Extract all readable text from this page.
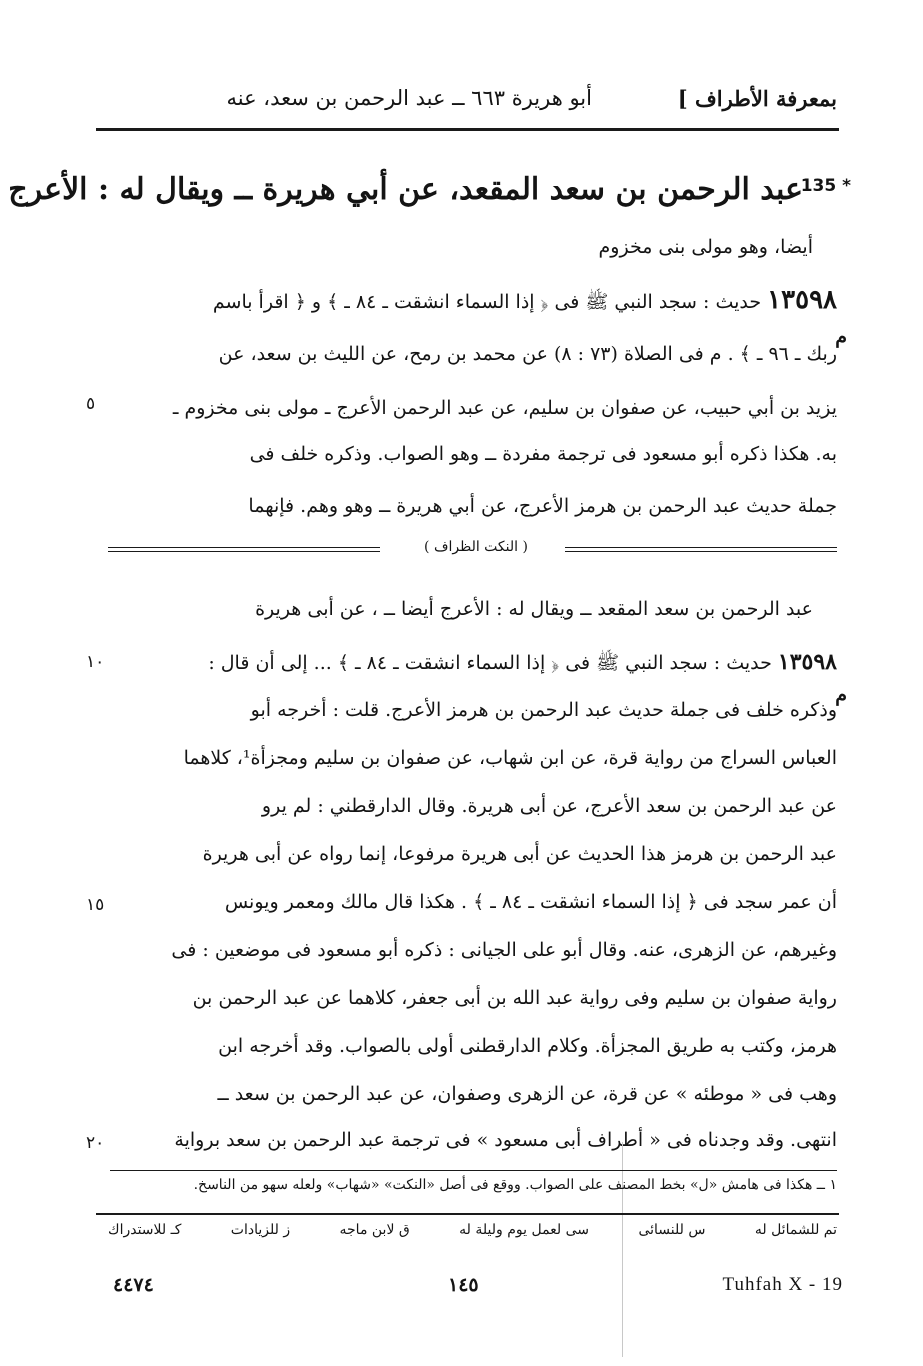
بمعرفة الأطراف ]
أبو هريرة ٦٦٣ ــ عبد الرحمن بن سعد، عنه
135 *
عبد الرحمن بن سعد المقعد، عن أبي هريرة ــ ويقال له : الأعرج
أيضا، وهو مولى بنى مخزوم
١٣٥٩٨ حديث : سجد النبي ﷺ فى ﴿ إذا السماء انشقت ـ ٨٤ ـ ﴾ و ﴿ اقرأ باسم
م
ربك ـ ٩٦ ـ ﴾ . م فى الصلاة (٧٣ : ٨) عن محمد بن رمح، عن الليث بن سعد، عن
يزيد بن أبي حبيب، عن صفوان بن سليم، عن عبد الرحمن الأعرج ـ مولى بنى مخزوم ـ
٥
به. هكذا ذكره أبو مسعود فى ترجمة مفردة ــ وهو الصواب. وذكره خلف فى
جملة حديث عبد الرحمن بن هرمز الأعرج، عن أبي هريرة ــ وهو وهم. فإنهما
( النكت الظراف )
عبد الرحمن بن سعد المقعد ــ ويقال له : الأعرج أيضا ــ ، عن أبى هريرة
١٣٥٩٨ حديث : سجد النبي ﷺ فى ﴿ إذا السماء انشقت ـ ٨٤ ـ ﴾ ... إلى أن قال :
١٠
م
وذكره خلف فى جملة حديث عبد الرحمن بن هرمز الأعرج. قلت : أخرجه أبو
العباس السراج من رواية قرة، عن ابن شهاب، عن صفوان بن سليم ومجزأة¹، كلاهما
عن عبد الرحمن بن سعد الأعرج، عن أبى هريرة. وقال الدارقطني : لم يرو
عبد الرحمن بن هرمز هذا الحديث عن أبى هريرة مرفوعا، إنما رواه عن أبى هريرة
أن عمر سجد فى ﴿ إذا السماء انشقت ـ ٨٤ ـ ﴾ . هكذا قال مالك ومعمر ويونس
١٥
وغيرهم، عن الزهرى، عنه. وقال أبو على الجيانى : ذكره أبو مسعود فى موضعين : فى
رواية صفوان بن سليم وفى رواية عبد الله بن أبى جعفر، كلاهما عن عبد الرحمن بن
هرمز، وكتب به طريق المجزأة. وكلام الدارقطنى أولى بالصواب. وقد أخرجه ابن
وهب فى « موطئه » عن قرة، عن الزهرى وصفوان، عن عبد الرحمن بن سعد ــ
انتهى. وقد وجدناه فى « أطراف أبى مسعود » فى ترجمة عبد الرحمن بن سعد برواية
٢٠
١ ــ هكذا فى هامش «ل» بخط المصنف على الصواب. ووقع فى أصل «النكت» «شهاب» ولعله سهو من الناسخ.
تم للشمائل له
س للنسائى
سى لعمل يوم وليلة له
ق لابن ماجه
ز للزيادات
كـ للاستدراك
٤٤٧٤	١٤٥	Tuhfah X - 19
